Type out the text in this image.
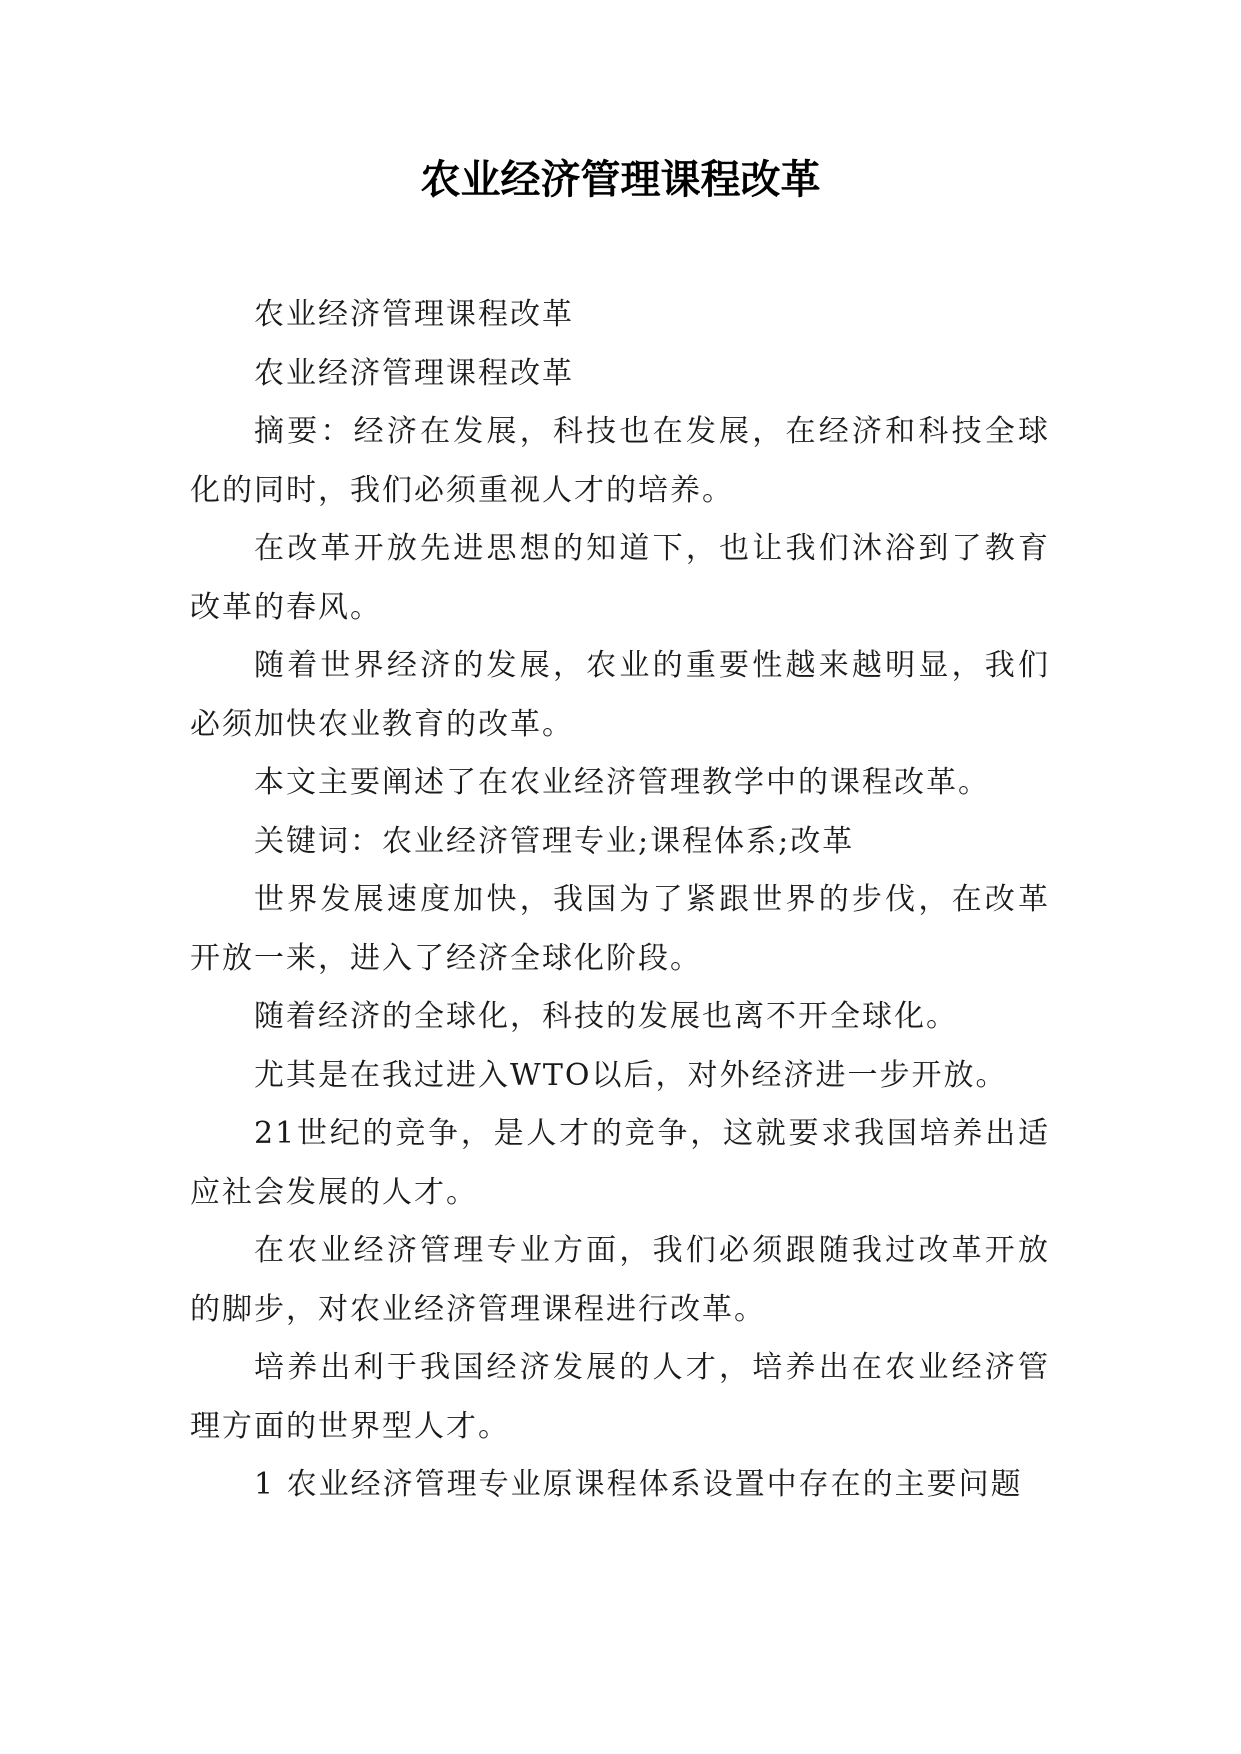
农业经济管理课程改革

农业经济管理课程改革

农业经济管理课程改革

摘要：经济在发展，科技也在发展，在经济和科技全球化的同时，我们必须重视人才的培养。

在改革开放先进思想的知道下，也让我们沐浴到了教育改革的春风。

随着世界经济的发展，农业的重要性越来越明显，我们必须加快农业教育的改革。

本文主要阐述了在农业经济管理教学中的课程改革。

关键词：农业经济管理专业;课程体系;改革

世界发展速度加快，我国为了紧跟世界的步伐，在改革开放一来，进入了经济全球化阶段。

随着经济的全球化，科技的发展也离不开全球化。

尤其是在我过进入WTO以后，对外经济进一步开放。

21世纪的竞争，是人才的竞争，这就要求我国培养出适应社会发展的人才。

在农业经济管理专业方面，我们必须跟随我过改革开放的脚步，对农业经济管理课程进行改革。

培养出利于我国经济发展的人才，培养出在农业经济管理方面的世界型人才。

1 农业经济管理专业原课程体系设置中存在的主要问题
